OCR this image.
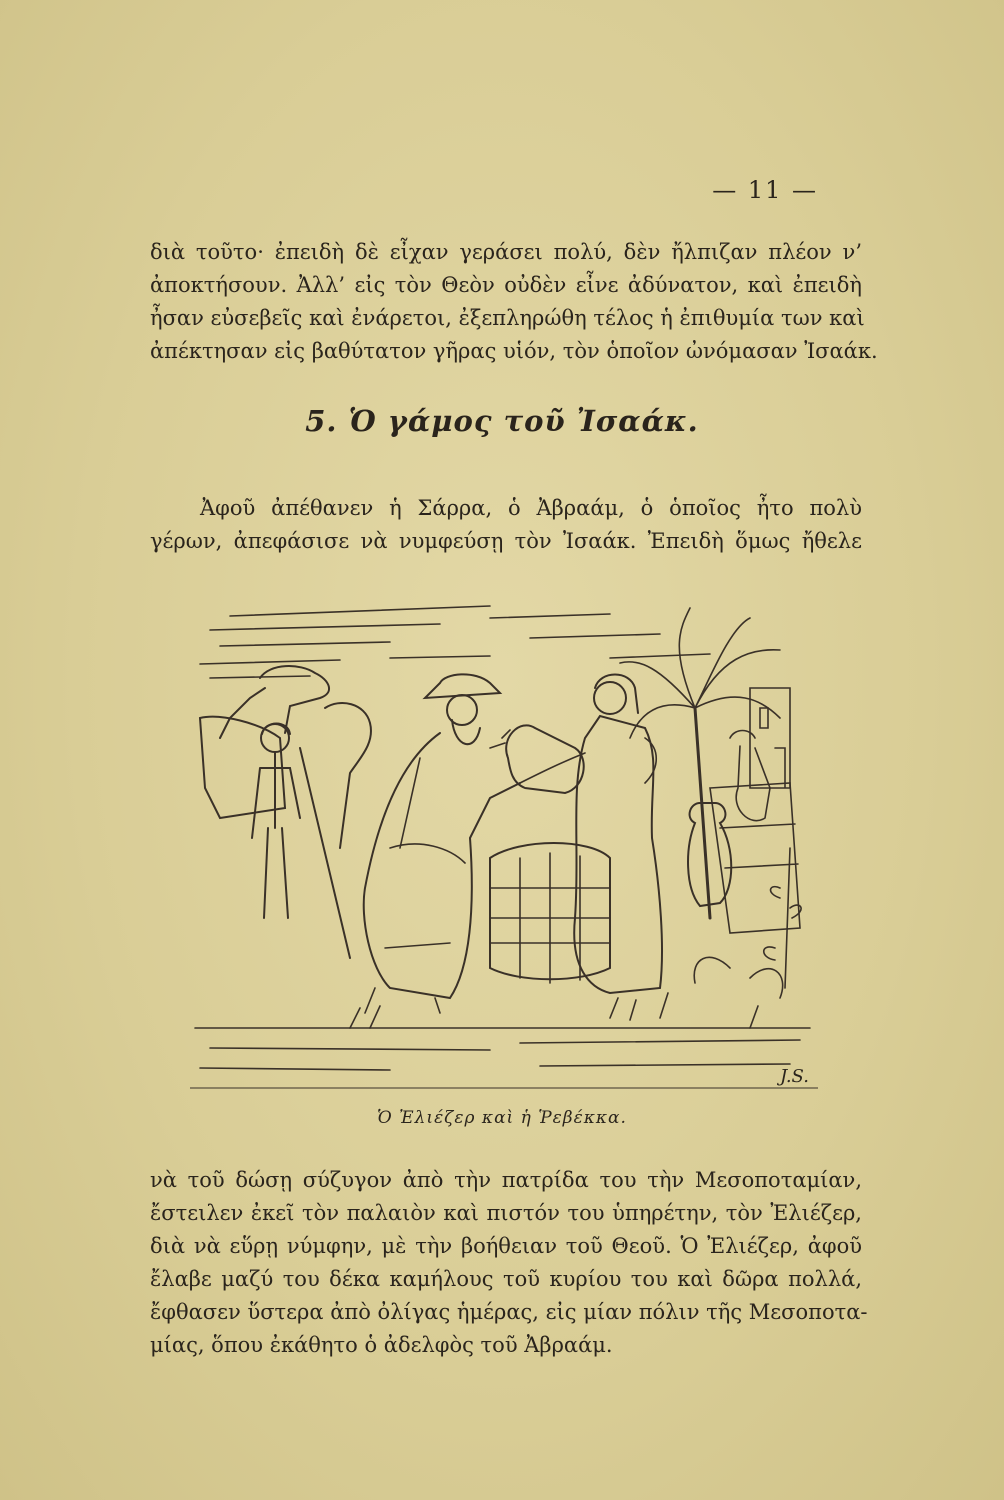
— 11 —

διὰ τοῦτο· ἐπειδὴ δὲ εἶχαν γεράσει πολύ, δὲν ἤλπιζαν πλέον ν’
ἀποκτήσουν. Ἀλλ’ εἰς τὸν Θεὸν οὐδὲν εἶνε ἀδύνατον, καὶ ἐπειδὴ
ἦσαν εὐσεβεῖς καὶ ἐνάρετοι, ἐξεπληρώθη τέλος ἡ ἐπιθυμία των καὶ
ἀπέκτησαν εἰς βαθύτατον γῆρας υἱόν, τὸν ὁποῖον ὠνόμασαν Ἰσαάκ.

5. Ὁ γάμος τοῦ Ἰσαάκ.

Ἀφοῦ ἀπέθανεν ἡ Σάρρα, ὁ Ἀβραάμ, ὁ ὁποῖος ἦτο πολὺ
γέρων, ἀπεφάσισε νὰ νυμφεύσῃ τὸν Ἰσαάκ. Ἐπειδὴ ὅμως ἤθελε

J.S.

Ὁ Ἐλιέζερ καὶ ἡ Ῥεβέκκα.

νὰ τοῦ δώσῃ σύζυγον ἀπὸ τὴν πατρίδα του τὴν Μεσοποταμίαν,
ἔστειλεν ἐκεῖ τὸν παλαιὸν καὶ πιστόν του ὑπηρέτην, τὸν Ἐλιέζερ,
διὰ νὰ εὕρῃ νύμφην, μὲ τὴν βοήθειαν τοῦ Θεοῦ. Ὁ Ἐλιέζερ, ἀφοῦ
ἔλαβε μαζύ του δέκα καμήλους τοῦ κυρίου του καὶ δῶρα πολλά,
ἔφθασεν ὕστερα ἀπὸ ὀλίγας ἡμέρας, εἰς μίαν πόλιν τῆς Μεσοποτα-
μίας, ὅπου ἐκάθητο ὁ ἀδελφὸς τοῦ Ἀβραάμ.
